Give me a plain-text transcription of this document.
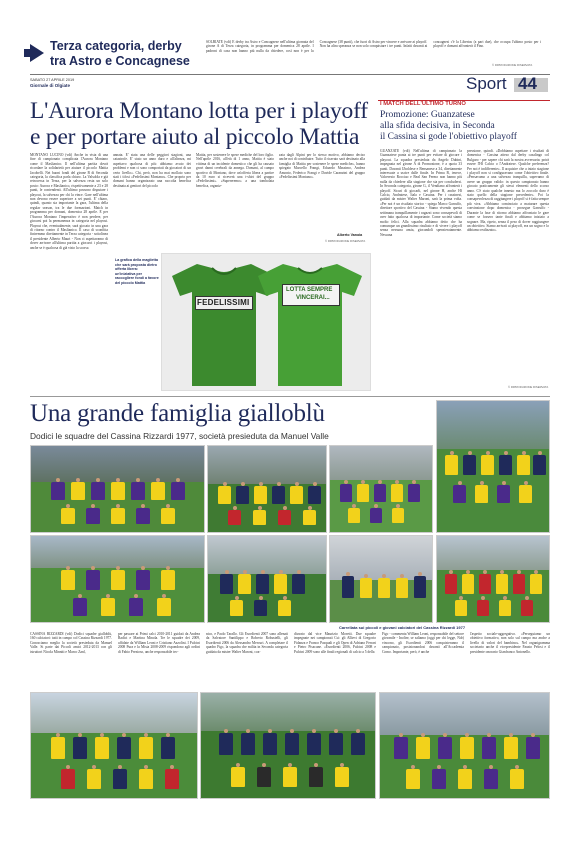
Terza categoria, derby
tra Astro e Concagnese
SOLBIATE (vdi) È derby tra Astro e Concagnese nell'ultima giornata del girone A di Terza categoria, in programma per domenica 28 aprile. I padroni di casa non hanno più nulla da chiedere, così non è per la Concagnese (38 punti), che fuori di Astro per vincere e arrivare ai playoff. Non ha altra speranza se non solo conquistare i tre punti. Infatti davanti ai concagnesi c'è la Libertas (a pari due), che occupa l'ultimo posto per i playoff e domani affronterà il Fino.
© RIPRODUZIONE RISERVATA
SABATO 27 APRILE 2019
Giornale di Olgiate	Sport 44
L'Aurora Montano lotta per i playoff
e per portare aiuto al piccolo Mattia
MONTANO LUCINO (vdi) Anche in vista di una fine di campionato complicata l'Aurora Montano come il Maslianico. Il nell'ultima partita dovrà ricordare la solidarietà per aiutare il piccolo Mattia Jacobelli. Nei buoni fondi del girone B di Seconda categoria, la classifica parla chiaro. La Valsolda e già retrocessa in Terza, per la salvezza resta un solo posto: Aurora e Maslianico, rispettivamente a 23 e 28 punti, le contendenti. All'ultimo possono disputare i playout, la salvezza per chi la vince. Gare nell'ultima non devono essere superiore a sei punti. E' chiaro, quindi, quanto sia importante la gara, l'ultima della regular season, tra le due formazioni. Match in programma per domani, domenica 28 aprile. E per l'Aurora Montano l'imperativo è non perdere, per giocarsi poi la permanenza in categoria nel playout. Playout che, eventualmente, sarà giocato in una gara di ritorno contro il Maslianico. Il caso di sconfitta finiremmo direttamente in Terza categoria - sottolinea il presidente Alberto Mauri - Non ci aspettavamo di dover arrivare all'ultima partita a giocarci i playout, anche se è qualcosa di già visto la scorsa
annata. E' stata una delle peggiori stagioni, una catastrofe. E' stato un anno duro e all'altezza, mi aspettavo qualcosa di più: abbiamo avuto dei problemi e non ci sono comportati da giocatori di un certo livello». Chi, però, non ha mai mollato sono stati i tifosi «Fedelissimi Montano». Che proprio per domani hanno organizzato una raccolta benefica destinata ai genitori del piccolo
Mattia, per sostenere le spese mediche del loro figlio. Nell'aprile 2016, all'età di 1 anno, Mattia è stato vittima di un incidente domestico che gli ha causato gravi danni cerebrali da annega. Domani, al campo sportivo di Montano, dove un'offerta libera a partire da 10 euro si riceverà una t-shirt del gruppo «Fedelissimi». «Supereremo» a una tombolata benefica, organiz-
zata dagli Alpini per lo stesso motivo, abbiamo deciso anche noi di contribuire. Tutto il ricavato sarà destinato alla famiglia di Mattia per sostenere le spese mediche», hanno spiegato Marcello Frangi, Edoardo Massimo, Andrea Amonto, Federico Frangi e Davide Caranzini del gruppo «Fedelissimi Montano».
Alberto Vanoia
© RIPRODUZIONE RISERVATA
FEDELISSIMI
LOTTA SEMPRE
VINCERAI...
La grafica della maglietta che sarà proposta dietro offerta libera: un'iniziativa per raccogliere fondi a favore del piccolo Mattia
I MATCH DELL'ULTIMO TURNO
Promozione: Guanzatese
alla sfida decisiva, in Seconda
il Cassina si gode l'obiettivo playoff
GUANZATE (vdi) Nell'ultima di campionato la Guanzatese punta ai tre punti per evitare di giocare i playout. La squadra presieduta da Angelo Dubini, impegnata nel girone A di Promozione, è a quota 33 punti. Davanti Uboldese e Bensanese a 34, direttamente interessate a uscire dalle finale. In Prima B, invece, Valceresio Rocciao e Beal San Fermo non hanno più nulla da chiedere alla stagione che sta per concludersi. In Seconda categoria, girone G, il Vendiano affronterà i playoff. Sicuri di giocarli, nel girone H, anche Hf Calcio, Andratese, Itala e Cassina. Per i cassinesi, guidati da mister Walter Maroni, sarà la prima volta. «Per noi è un risultato storico - spiega Marco Garruffo, direttore sportivo del Cassina - Siamo vivendo questa settimana tranquillamente i ragazzi sono consapevoli di aver fatto qualcosa di importante. Come società siamo molto felici. Alla squadra abbiamo detto che ha comunque un grandissimo risultato e di vivere i playoff senza nessuna ansia, giocandoli spensieratamente. Nessuna
pressione, quindi. «Dobbiamo aspettare i risultati di domenica - Cassina atteso dal derby casalingo col Bulgaro - per sapere chi sarà la nostra avversaria: potrà essere l'Hf Calcio o l'Andratese. Qualche preferenza? Per noi è indifferente». Il acquisire che a inizio stagione i playoff non si configuravano come l'obiettivo finale. «Pensavamo a una salvezza tranquilla, sapevamo di avere un gruppo valido: in questo campionato hanno giocato praticamente gli stessi elementi dello scorso anno. C'è stato qualche innesto ma lo zoccolo duro è stato quello della stagione precedente». Poi la consapevolezza di raggiungere i playoff si è fatta sempre più viva. «Abbiamo cominciato a maturare questa convinzione dopo domenica - prosegue Garruffo - Durante la fase di ritorno abbiamo affrontato le gare come se fossero tante finali e abbiamo iniziato a sognare. Ma, ripeto, senza il peso di dover raggiungere un obiettivo. Siamo arrivati ai playoff, era un sogno e lo abbiamo realizzato».
© RIPRODUZIONE RISERVATA
Una grande famiglia gialloblù
Dodici le squadre del Cassina Rizzardi 1977, società presieduta da Manuel Valle
Carrellata sui piccoli e giovani calciatori del Cassina Rizzardi 1977
CASSINA RIZZARDI (vdi) Dodici squadre gialloblù, 160 calciatori: tutti in campo col Cassina Rizzardi 1977. Conosciamo meglio la società presieduta da Manuel Valle. Si parte dai Piccoli amici 2012-2013 con gli istruttori Nicola Minniti e Marco Zanl,
per passare ai Primi calci 2010-2011 guidati da Andrea Radici e Martina Minola. Tre le squadre dei 2009, affidate da William Leoni e Cristiano Azzolini. I Pulcini 2008 Pura e la Mista 2008-2009 rispondono agli ordini di Fabio Prezioso, anche responsabile tec-
nico, e Paolo Tarallo. Gli Esordienti 2007 sono allenati da Salvatore Santilippo e Roberto Robustelli, gli Esordienti 2006 da Alessandro Mercuri. A completare il quadro Figc, la squadra che milita in Seconda categoria guidata da mister Walter Maroni, coa-
diuvato dal vice Maurizio Moretti. Due squadre impegnate nei campionati Csi: gli Allievi di Gregorio Fidanza e Franco Pasquali e gli Open di Adriano Ferrari e Pietro Pisacane. «Esordienti 2006, Pulcini 2008 e Pulcini 2009 sono alle finali regionali di calcio a 5 della
Figc - commenta William Leoni, responsabile del settore giovanile - Inoltre, se saliamo (oggi per chi legge, Ndr) vincono, gli Esordienti 2006 conquisteranno il campionato, posizionandosi davanti all'Accademia Como. Importante, però, è anche
l'aspetto sociale-aggregativo. «Perseguiamo un obiettivo formativo, non solo sul campo ma anche a livello di valori del bambino». Nel organigramma societario anche il vicepresidente Fausto Pelosi e il presidente onorario Gianfranco Antonello.
